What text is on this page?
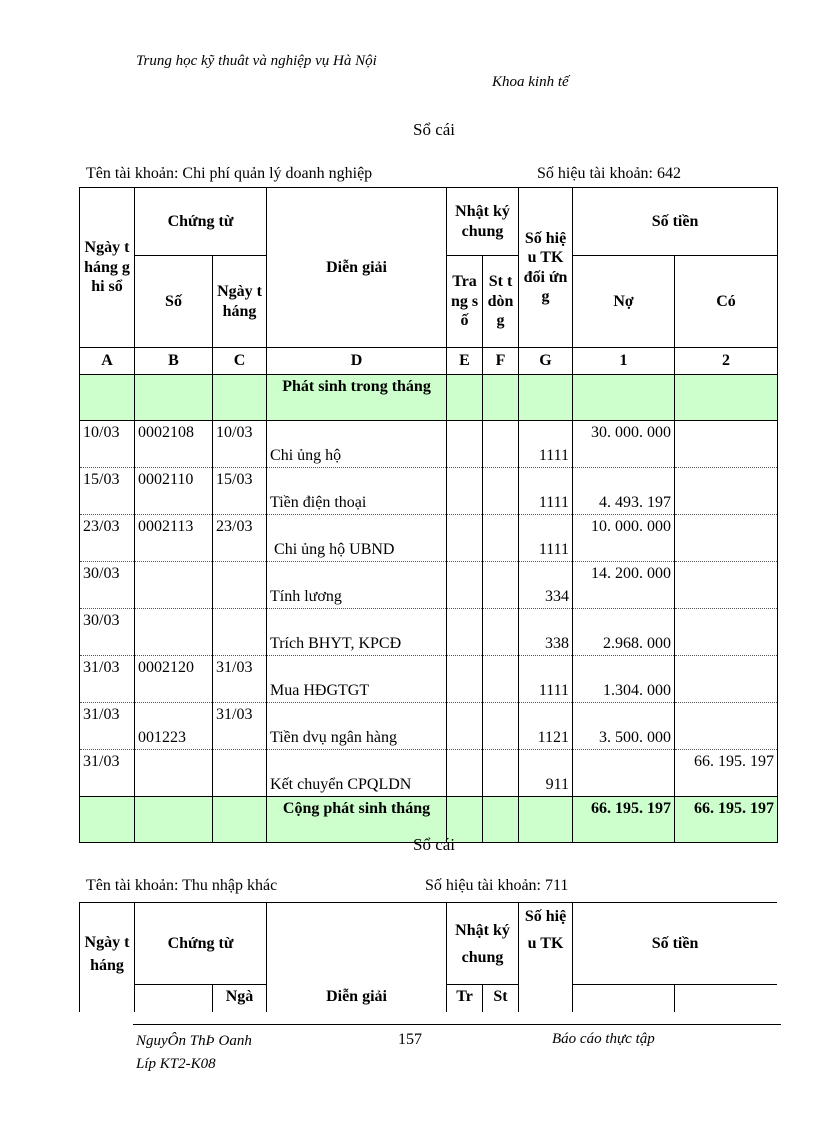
Trung học kỹ thuât và nghiệp vụ Hà Nội
Khoa kinh tế
Sổ cái
Tên tài khoản: Chi phí quản lý doanh nghiệp	Số hiệu tài khoản: 642
Ngày tháng ghi sổ	Chứng từ		Diễn giải	Nhật ký chung		Số hiệu TK đối ứng	Số tiền	
	Số	Ngày tháng		Trang số	St t dòng		Nợ	Có
A	B	C	D	E	F	G	1	2
			Phát sinh trong tháng					
10/03	0002108	10/03	Chi ủng hộ			1111	30. 000. 000	
15/03	0002110	15/03	Tiền điện thoại			1111	4. 493. 197	
23/03	0002113	23/03	Chi ủng hộ UBND			1111	10. 000. 000	
30/03			Tính lương			334	14. 200. 000	
30/03			Trích BHYT, KPCĐ			338	2.968. 000	
31/03	0002120	31/03	Mua HĐGTGT			1111	1.304. 000	
31/03	001223	31/03	Tiền dvụ ngân hàng			1121	3. 500. 000	
31/03			Kết chuyển CPQLDN			911		66. 195. 197
			Cộng phát sinh tháng				66. 195. 197	66. 195. 197
Sổ cái
Tên tài khoản: Thu nhập khác	Số hiệu tài khoản: 711
Ngày tháng	Chứng từ		Diễn giải	Nhật ký chung		Số hiệu TK	Số tiền	
		Ngà		Tr	St			
NguyÔn ThÞ Oanh
Líp KT2-K08
157	Báo cáo thực tập
